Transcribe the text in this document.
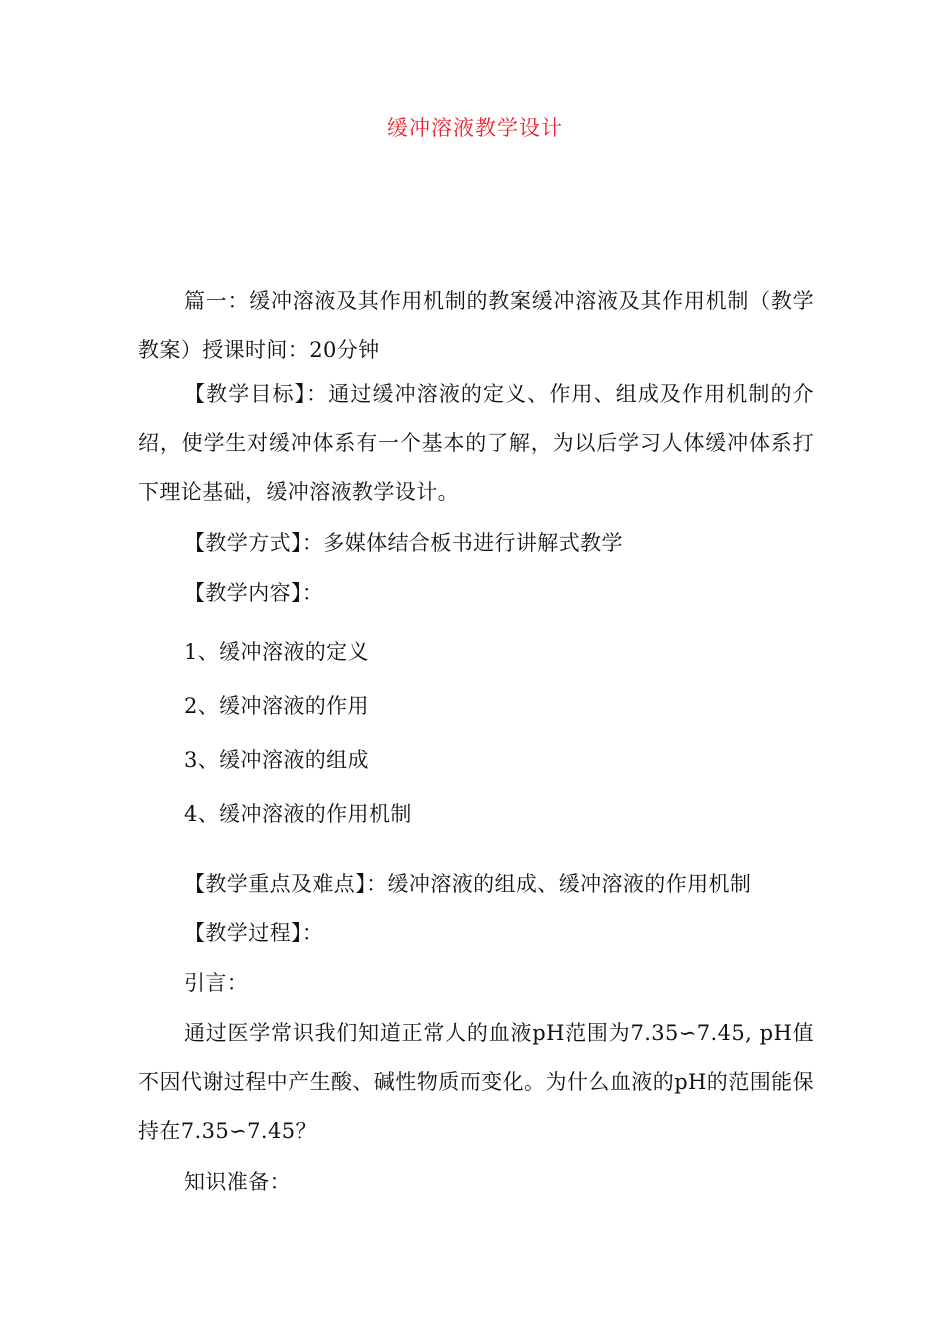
缓冲溶液教学设计

篇一：缓冲溶液及其作用机制的教案缓冲溶液及其作用机制（教学教案）授课时间：20分钟

【教学目标】：通过缓冲溶液的定义、作用、组成及作用机制的介绍，使学生对缓冲体系有一个基本的了解，为以后学习人体缓冲体系打下理论基础，缓冲溶液教学设计。

【教学方式】：多媒体结合板书进行讲解式教学
【教学内容】：
1、缓冲溶液的定义
2、缓冲溶液的作用
3、缓冲溶液的组成
4、缓冲溶液的作用机制
【教学重点及难点】：缓冲溶液的组成、缓冲溶液的作用机制
【教学过程】：
引言：

通过医学常识我们知道正常人的血液pH范围为7.35∽7.45, pH值不因代谢过程中产生酸、碱性物质而变化。为什么血液的pH的范围能保持在7.35∽7.45？

知识准备：
